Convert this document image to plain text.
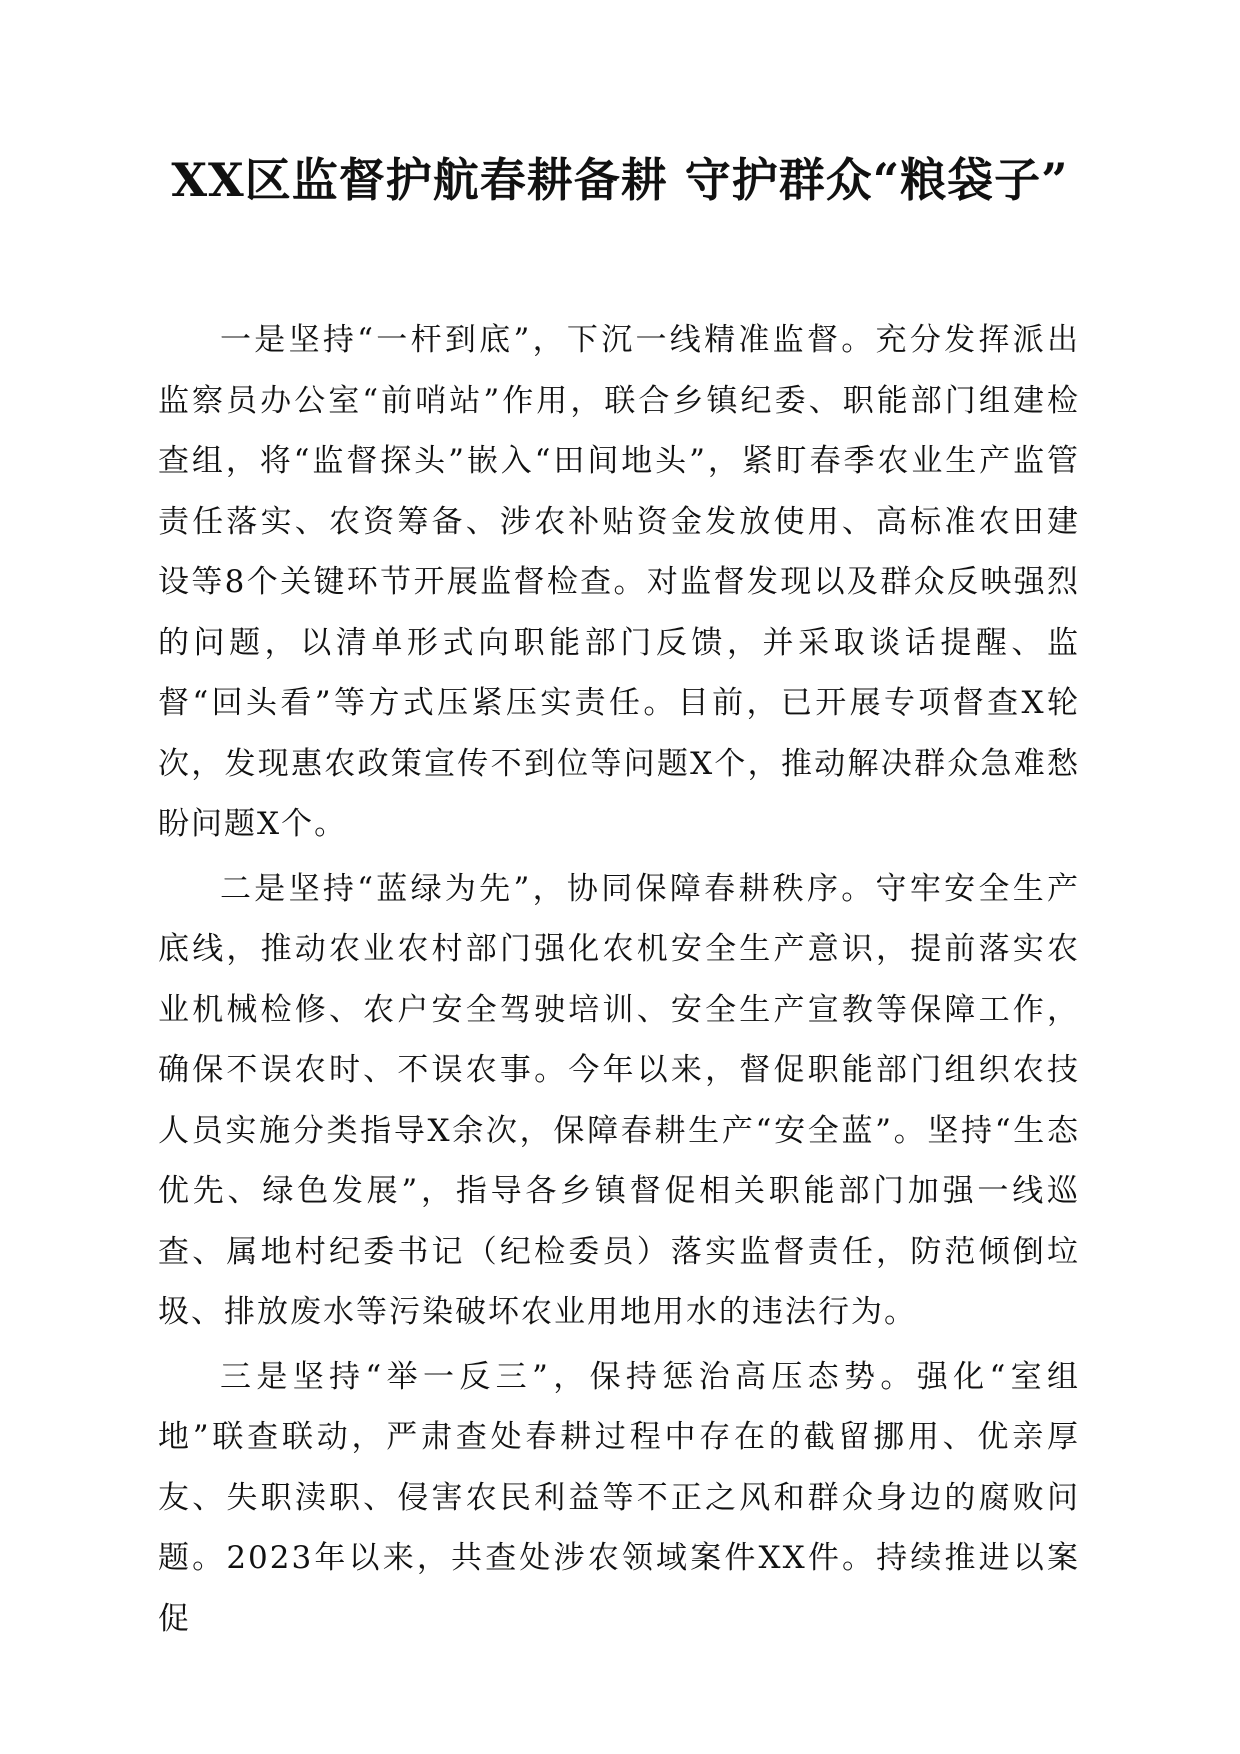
XX区监督护航春耕备耕 守护群众“粮袋子”

一是坚持“一杆到底”，下沉一线精准监督。充分发挥派出监察员办公室“前哨站”作用，联合乡镇纪委、职能部门组建检查组，将“监督探头”嵌入“田间地头”，紧盯春季农业生产监管责任落实、农资筹备、涉农补贴资金发放使用、高标准农田建设等8个关键环节开展监督检查。对监督发现以及群众反映强烈的问题，以清单形式向职能部门反馈，并采取谈话提醒、监督“回头看”等方式压紧压实责任。目前，已开展专项督查X轮次，发现惠农政策宣传不到位等问题X个，推动解决群众急难愁盼问题X个。

二是坚持“蓝绿为先”，协同保障春耕秩序。守牢安全生产底线，推动农业农村部门强化农机安全生产意识，提前落实农业机械检修、农户安全驾驶培训、安全生产宣教等保障工作，确保不误农时、不误农事。今年以来，督促职能部门组织农技人员实施分类指导X余次，保障春耕生产“安全蓝”。坚持“生态优先、绿色发展”，指导各乡镇督促相关职能部门加强一线巡查、属地村纪委书记（纪检委员）落实监督责任，防范倾倒垃圾、排放废水等污染破坏农业用地用水的违法行为。

三是坚持“举一反三”，保持惩治高压态势。强化“室组地”联查联动，严肃查处春耕过程中存在的截留挪用、优亲厚友、失职渎职、侵害农民利益等不正之风和群众身边的腐败问题。2023年以来，共查处涉农领域案件XX件。持续推进以案促
